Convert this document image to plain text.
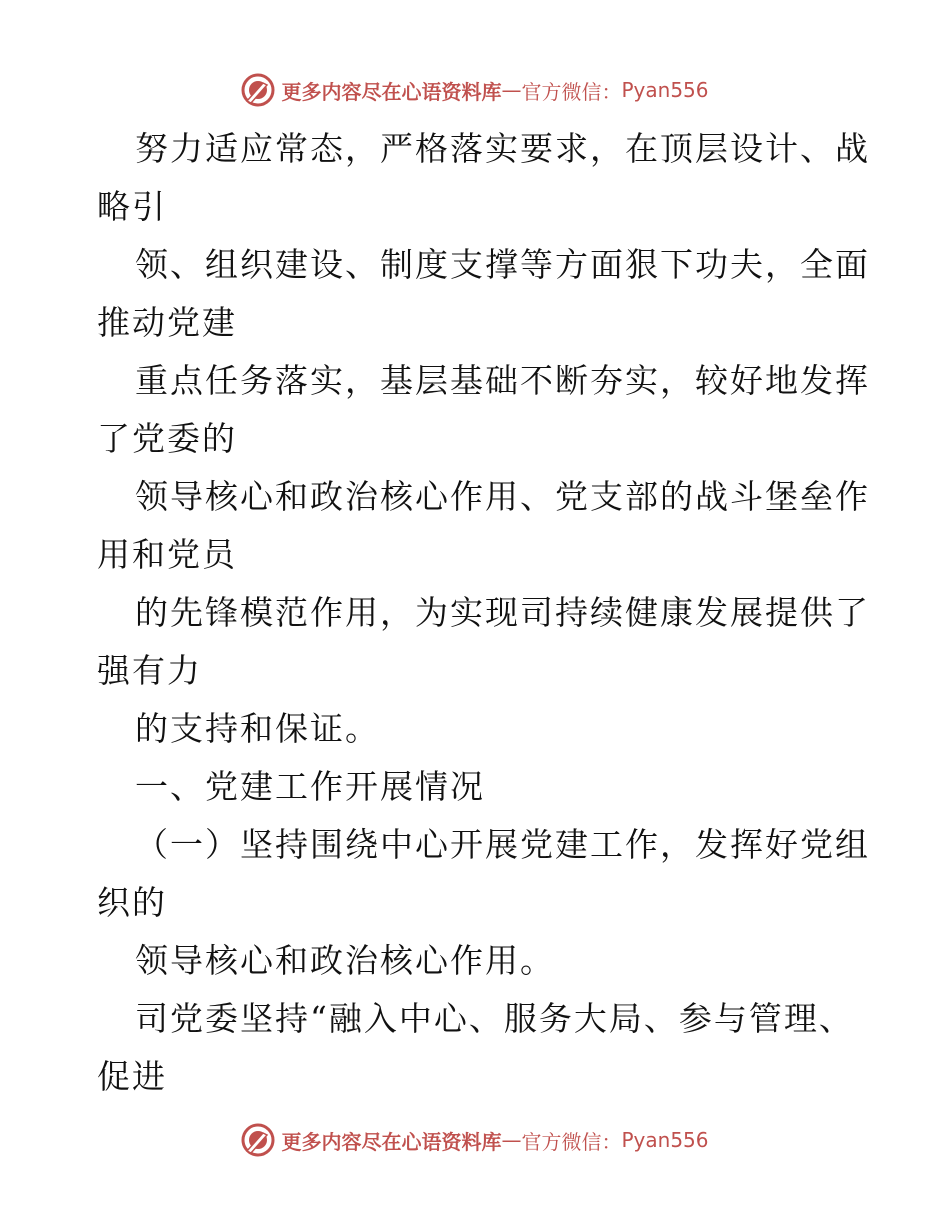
更多内容尽在心语资料库 — 官方微信： Pyan556

努力适应常态，严格落实要求，在顶层设计、战
略引

领、组织建设、制度支撑等方面狠下功夫，全面
推动党建

重点任务落实，基层基础不断夯实，较好地发挥
了党委的

领导核心和政治核心作用、党支部的战斗堡垒作
用和党员

的先锋模范作用，为实现司持续健康发展提供了
强有力

的支持和保证。

一、党建工作开展情况

（一）坚持围绕中心开展党建工作，发挥好党组
织的

领导核心和政治核心作用。

司党委坚持“融入中心、服务大局、参与管理、
促进

更多内容尽在心语资料库 — 官方微信： Pyan556
